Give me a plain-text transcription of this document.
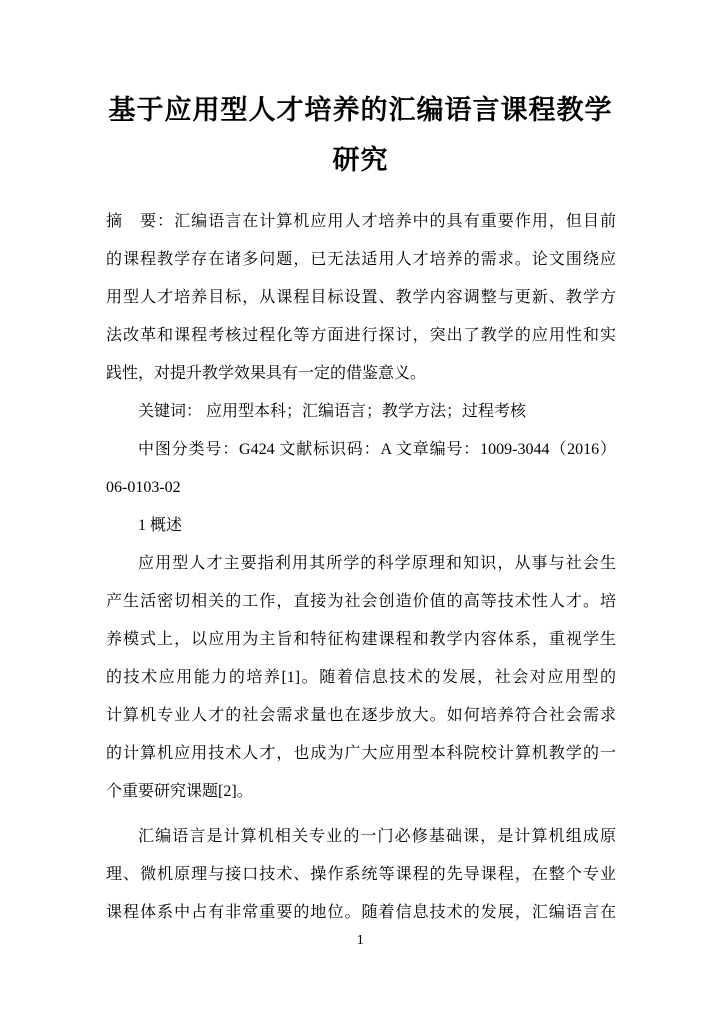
基于应用型人才培养的汇编语言课程教学
研究
摘　要：汇编语言在计算机应用人才培养中的具有重要作用，但目前
的课程教学存在诸多问题，已无法适用人才培养的需求。论文围绕应
用型人才培养目标，从课程目标设置、教学内容调整与更新、教学方
法改革和课程考核过程化等方面进行探讨，突出了教学的应用性和实
践性，对提升教学效果具有一定的借鉴意义。
关键词： 应用型本科；汇编语言；教学方法；过程考核
中图分类号：G424 文献标识码：A 文章编号：1009-3044（2016）
06-0103-02
1 概述
应用型人才主要指利用其所学的科学原理和知识，从事与社会生
产生活密切相关的工作，直接为社会创造价值的高等技术性人才。培
养模式上，以应用为主旨和特征构建课程和教学内容体系，重视学生
的技术应用能力的培养[1]。随着信息技术的发展，社会对应用型的
计算机专业人才的社会需求量也在逐步放大。如何培养符合社会需求
的计算机应用技术人才，也成为广大应用型本科院校计算机教学的一
个重要研究课题[2]。
汇编语言是计算机相关专业的一门必修基础课，是计算机组成原
理、微机原理与接口技术、操作系统等课程的先导课程，在整个专业
课程体系中占有非常重要的地位。随着信息技术的发展，汇编语言在
1
